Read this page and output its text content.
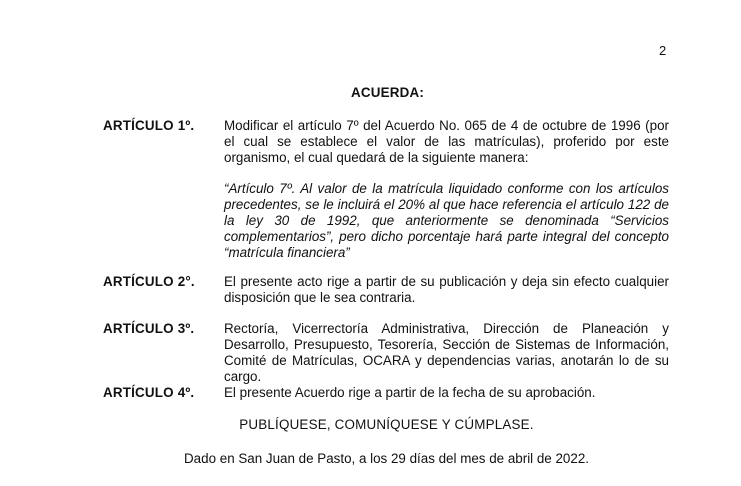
2
ACUERDA:
ARTÍCULO 1º. Modificar el artículo 7º del Acuerdo No. 065 de 4 de octubre de 1996 (por el cual se establece el valor de las matrículas), proferido por este organismo, el cual quedará de la siguiente manera:
“Artículo 7º. Al valor de la matrícula liquidado conforme con los artículos precedentes, se le incluirá el 20% al que hace referencia el artículo 122 de la ley 30 de 1992, que anteriormente se denominada “Servicios complementarios”, pero dicho porcentaje hará parte integral del concepto “matrícula financiera”
ARTÍCULO 2°. El presente acto rige a partir de su publicación y deja sin efecto cualquier disposición que le sea contraria.
ARTÍCULO 3º. Rectoría, Vicerrectoría Administrativa, Dirección de Planeación y Desarrollo, Presupuesto, Tesorería, Sección de Sistemas de Información, Comité de Matrículas, OCARA y dependencias varias, anotarán lo de su cargo.
ARTÍCULO 4º. El presente Acuerdo rige a partir de la fecha de su aprobación.
PUBLÍQUESE, COMUNÍQUESE Y CÚMPLASE.
Dado en San Juan de Pasto, a los 29 días del mes de abril de 2022.
